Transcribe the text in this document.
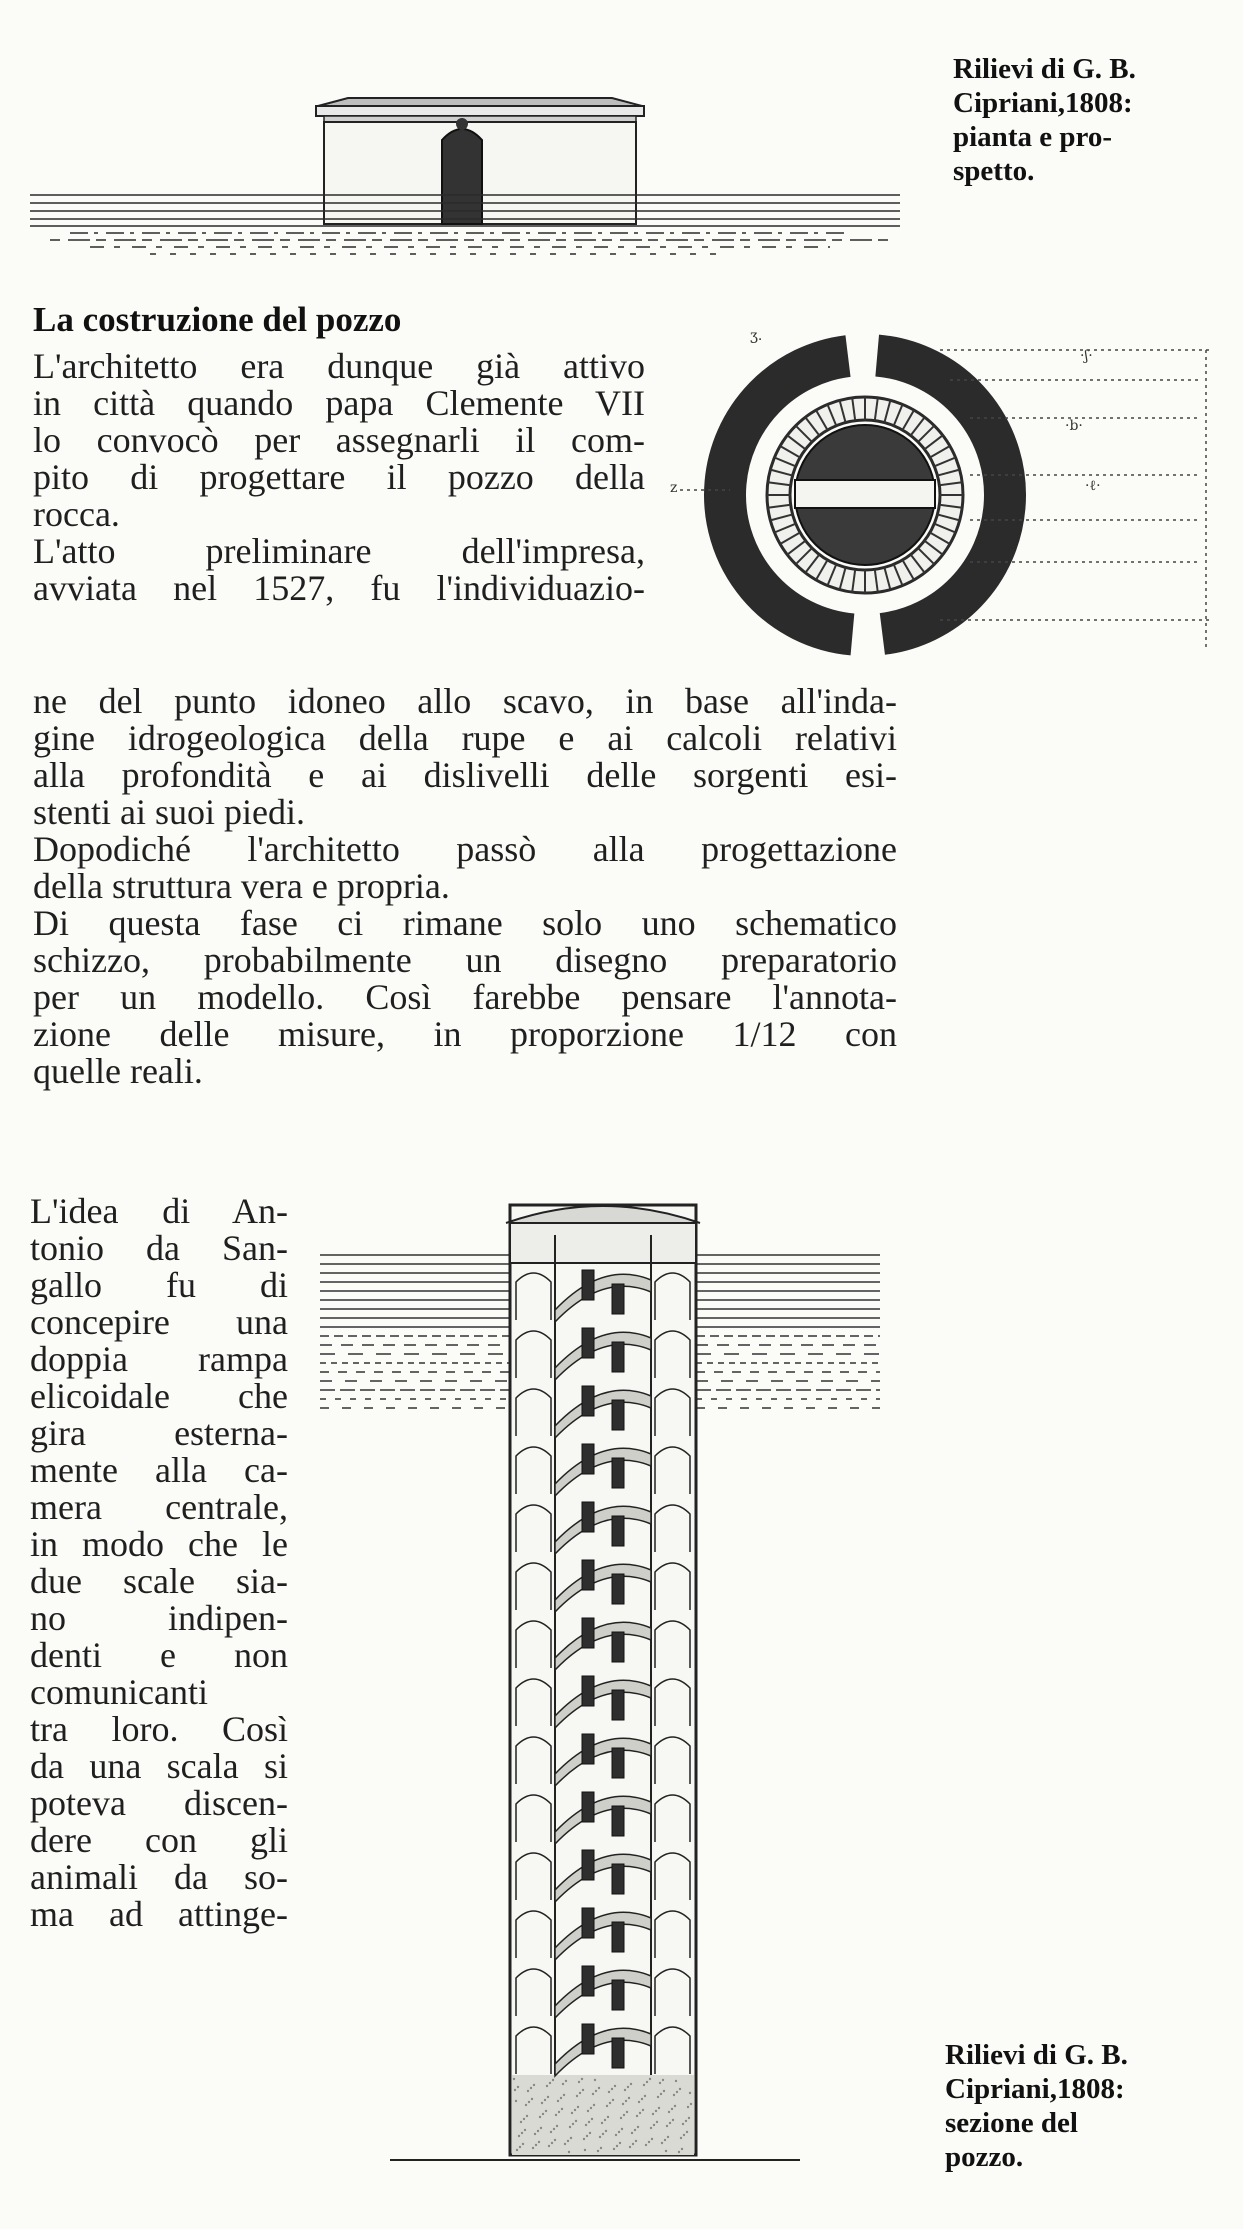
Rilievi di G. B.
Cipriani,1808:
pianta e pro-
spetto.
ʒ.
·ʃ·
·b·
·ℓ·
z
La costruzione del pozzo
L'architetto era dunque già attivo
in città quando papa Clemente VII
lo convocò per assegnarli il com-
pito di progettare il pozzo della
rocca.
L'atto preliminare dell'impresa,
avviata nel 1527, fu l'individuazio-
ne del punto idoneo allo scavo, in base all'inda-
gine idrogeologica della rupe e ai calcoli relativi
alla profondità e ai dislivelli delle sorgenti esi-
stenti ai suoi piedi.
Dopodiché l'architetto passò alla progettazione
della struttura vera e propria.
Di questa fase ci rimane solo uno schematico
schizzo, probabilmente un disegno preparatorio
per un modello. Così farebbe pensare l'annota-
zione delle misure, in proporzione 1/12 con
quelle reali.
L'idea di An-
tonio da San-
gallo fu di
concepire una
doppia rampa
elicoidale che
gira esterna-
mente alla ca-
mera centrale,
in modo che le
due scale sia-
no indipen-
denti e non
comunicanti
tra loro. Così
da una scala si
poteva discen-
dere con gli
animali da so-
ma ad attinge-
Rilievi di G. B.
Cipriani,1808:
sezione del
pozzo.
